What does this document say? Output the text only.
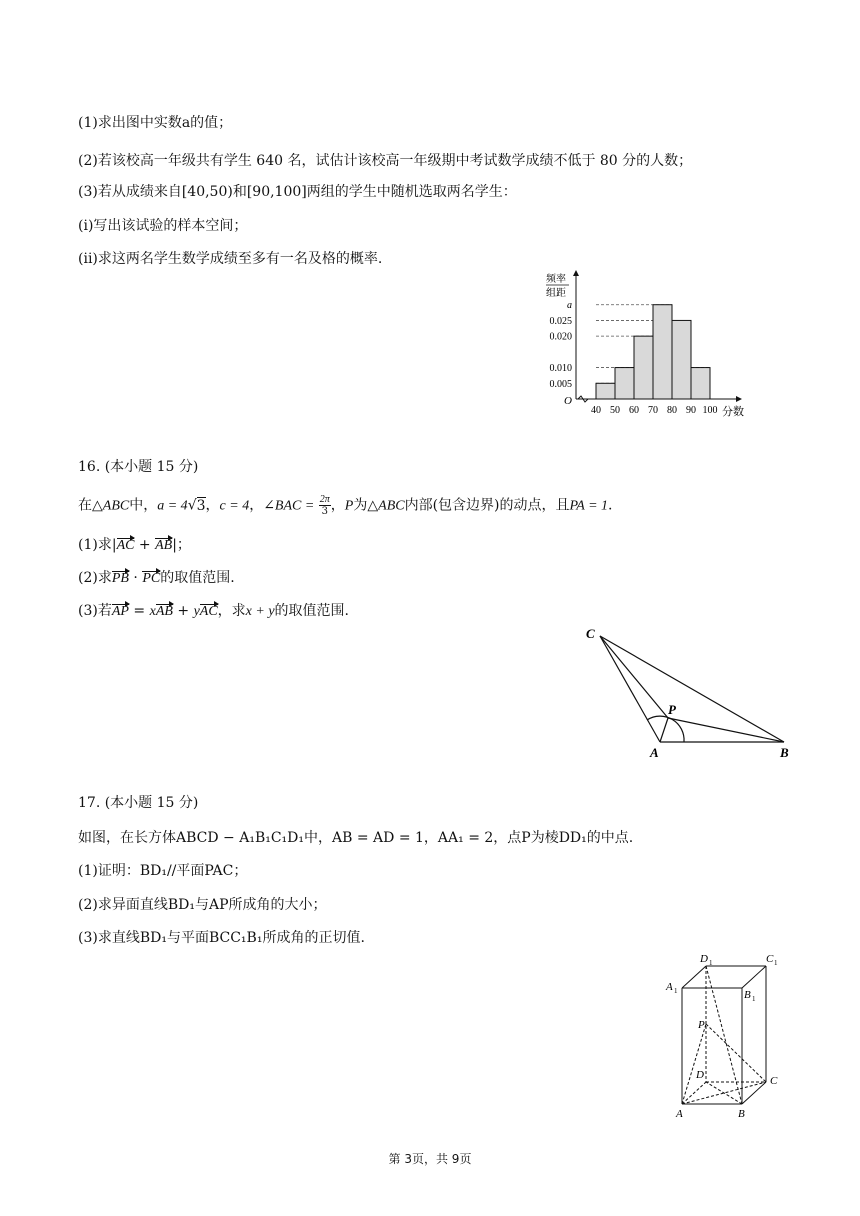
(1)求出图中实数a的值；
(2)若该校高一年级共有学生 640 名，试估计该校高一年级期中考试数学成绩不低于 80 分的人数；
(3)若从成绩来自[40,50)和[90,100]两组的学生中随机选取两名学生：
(i)写出该试验的样本空间；
(ii)求这两名学生数学成绩至多有一名及格的概率.
0.005
0.010
0.020
0.025
a
40 50 60 70 80 90 100
O
分数
频率
组距
16. (本小题 15 分)
在△ABC中，a = 4√3，c = 4，∠BAC = $\frac{2\pi}{3}$ ，P为△ABC内部(包含边界)的动点，且PA = 1.
(1)求|AC + AB|；
(2)求PB · PC的取值范围.
(3)若AP = xAB + yAC，求x + y的取值范围.
C
P
A	B
17. (本小题 15 分)
如图，在长方体ABCD − A₁B₁C₁D₁中，AB = AD = 1，AA₁ = 2，点P为棱DD₁的中点.
(1)证明：BD₁//平面PAC；
(2)求异面直线BD₁与AP所成角的大小；
(3)求直线BD₁与平面BCC₁B₁所成角的正切值.
D 1	C 1
A 1	B 1
P
D	C
A	B
第 3页，共 9页
